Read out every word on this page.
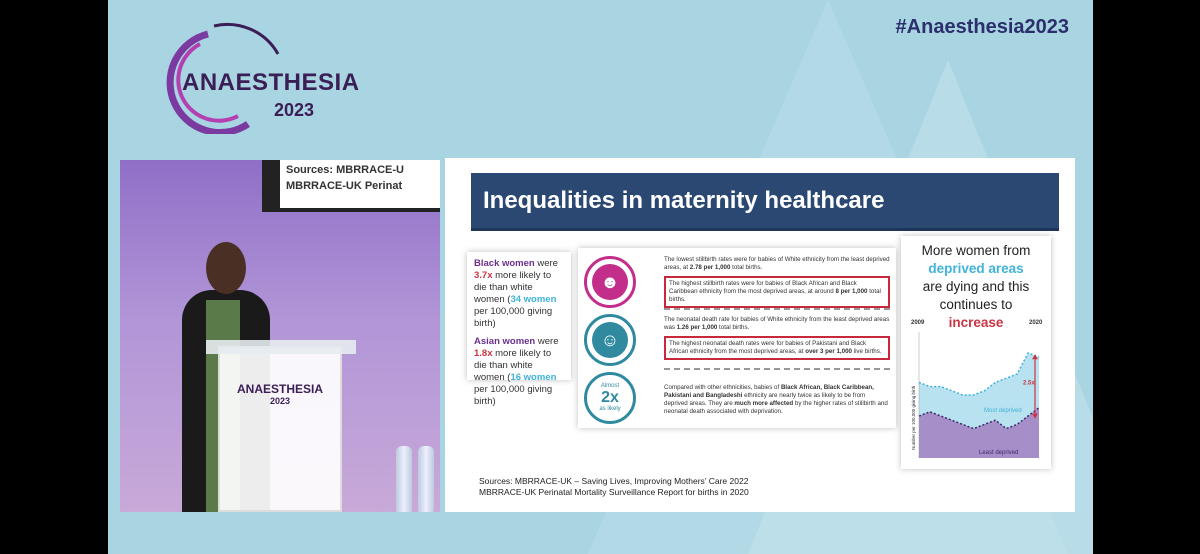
ANAESTHESIA
2023
#Anaesthesia2023
Sources: MBRRACE-U
MBRRACE-UK Perinat
ANAESTHESIA
2023
Inequalities in maternity healthcare
Black women were 3.7x more likely to die than white women (34 women per 100,000 giving birth)
Asian women were 1.8x more likely to die than white women (16 women per 100,000 giving birth)
☻
☺
Almost
2x
as likely
The lowest stillbirth rates were for babies of White ethnicity from the least deprived areas, at 2.78 per 1,000 total births.
The highest stillbirth rates were for babies of Black African and Black Caribbean ethnicity from the most deprived areas, at around 8 per 1,000 total births.
The neonatal death rate for babies of White ethnicity from the least deprived areas was 1.26 per 1,000 total births.
The highest neonatal death rates were for babies of Pakistani and Black African ethnicity from the most deprived areas, at over 3 per 1,000 live births.
Compared with other ethnicities, babies of Black African, Black Caribbean, Pakistani and Bangladeshi ethnicity are nearly twice as likely to be from deprived areas. They are much more affected by the higher rates of stillbirth and neonatal death associated with deprivation.
More women from
deprived areas
are dying and this
continues to
increase
2009	2020
2.5x
Most deprived
Least deprived
Number per 100,000 giving birth
Sources: MBRRACE-UK – Saving Lives, Improving Mothers’ Care 2022
MBRRACE-UK Perinatal Mortality Surveillance Report for births in 2020
